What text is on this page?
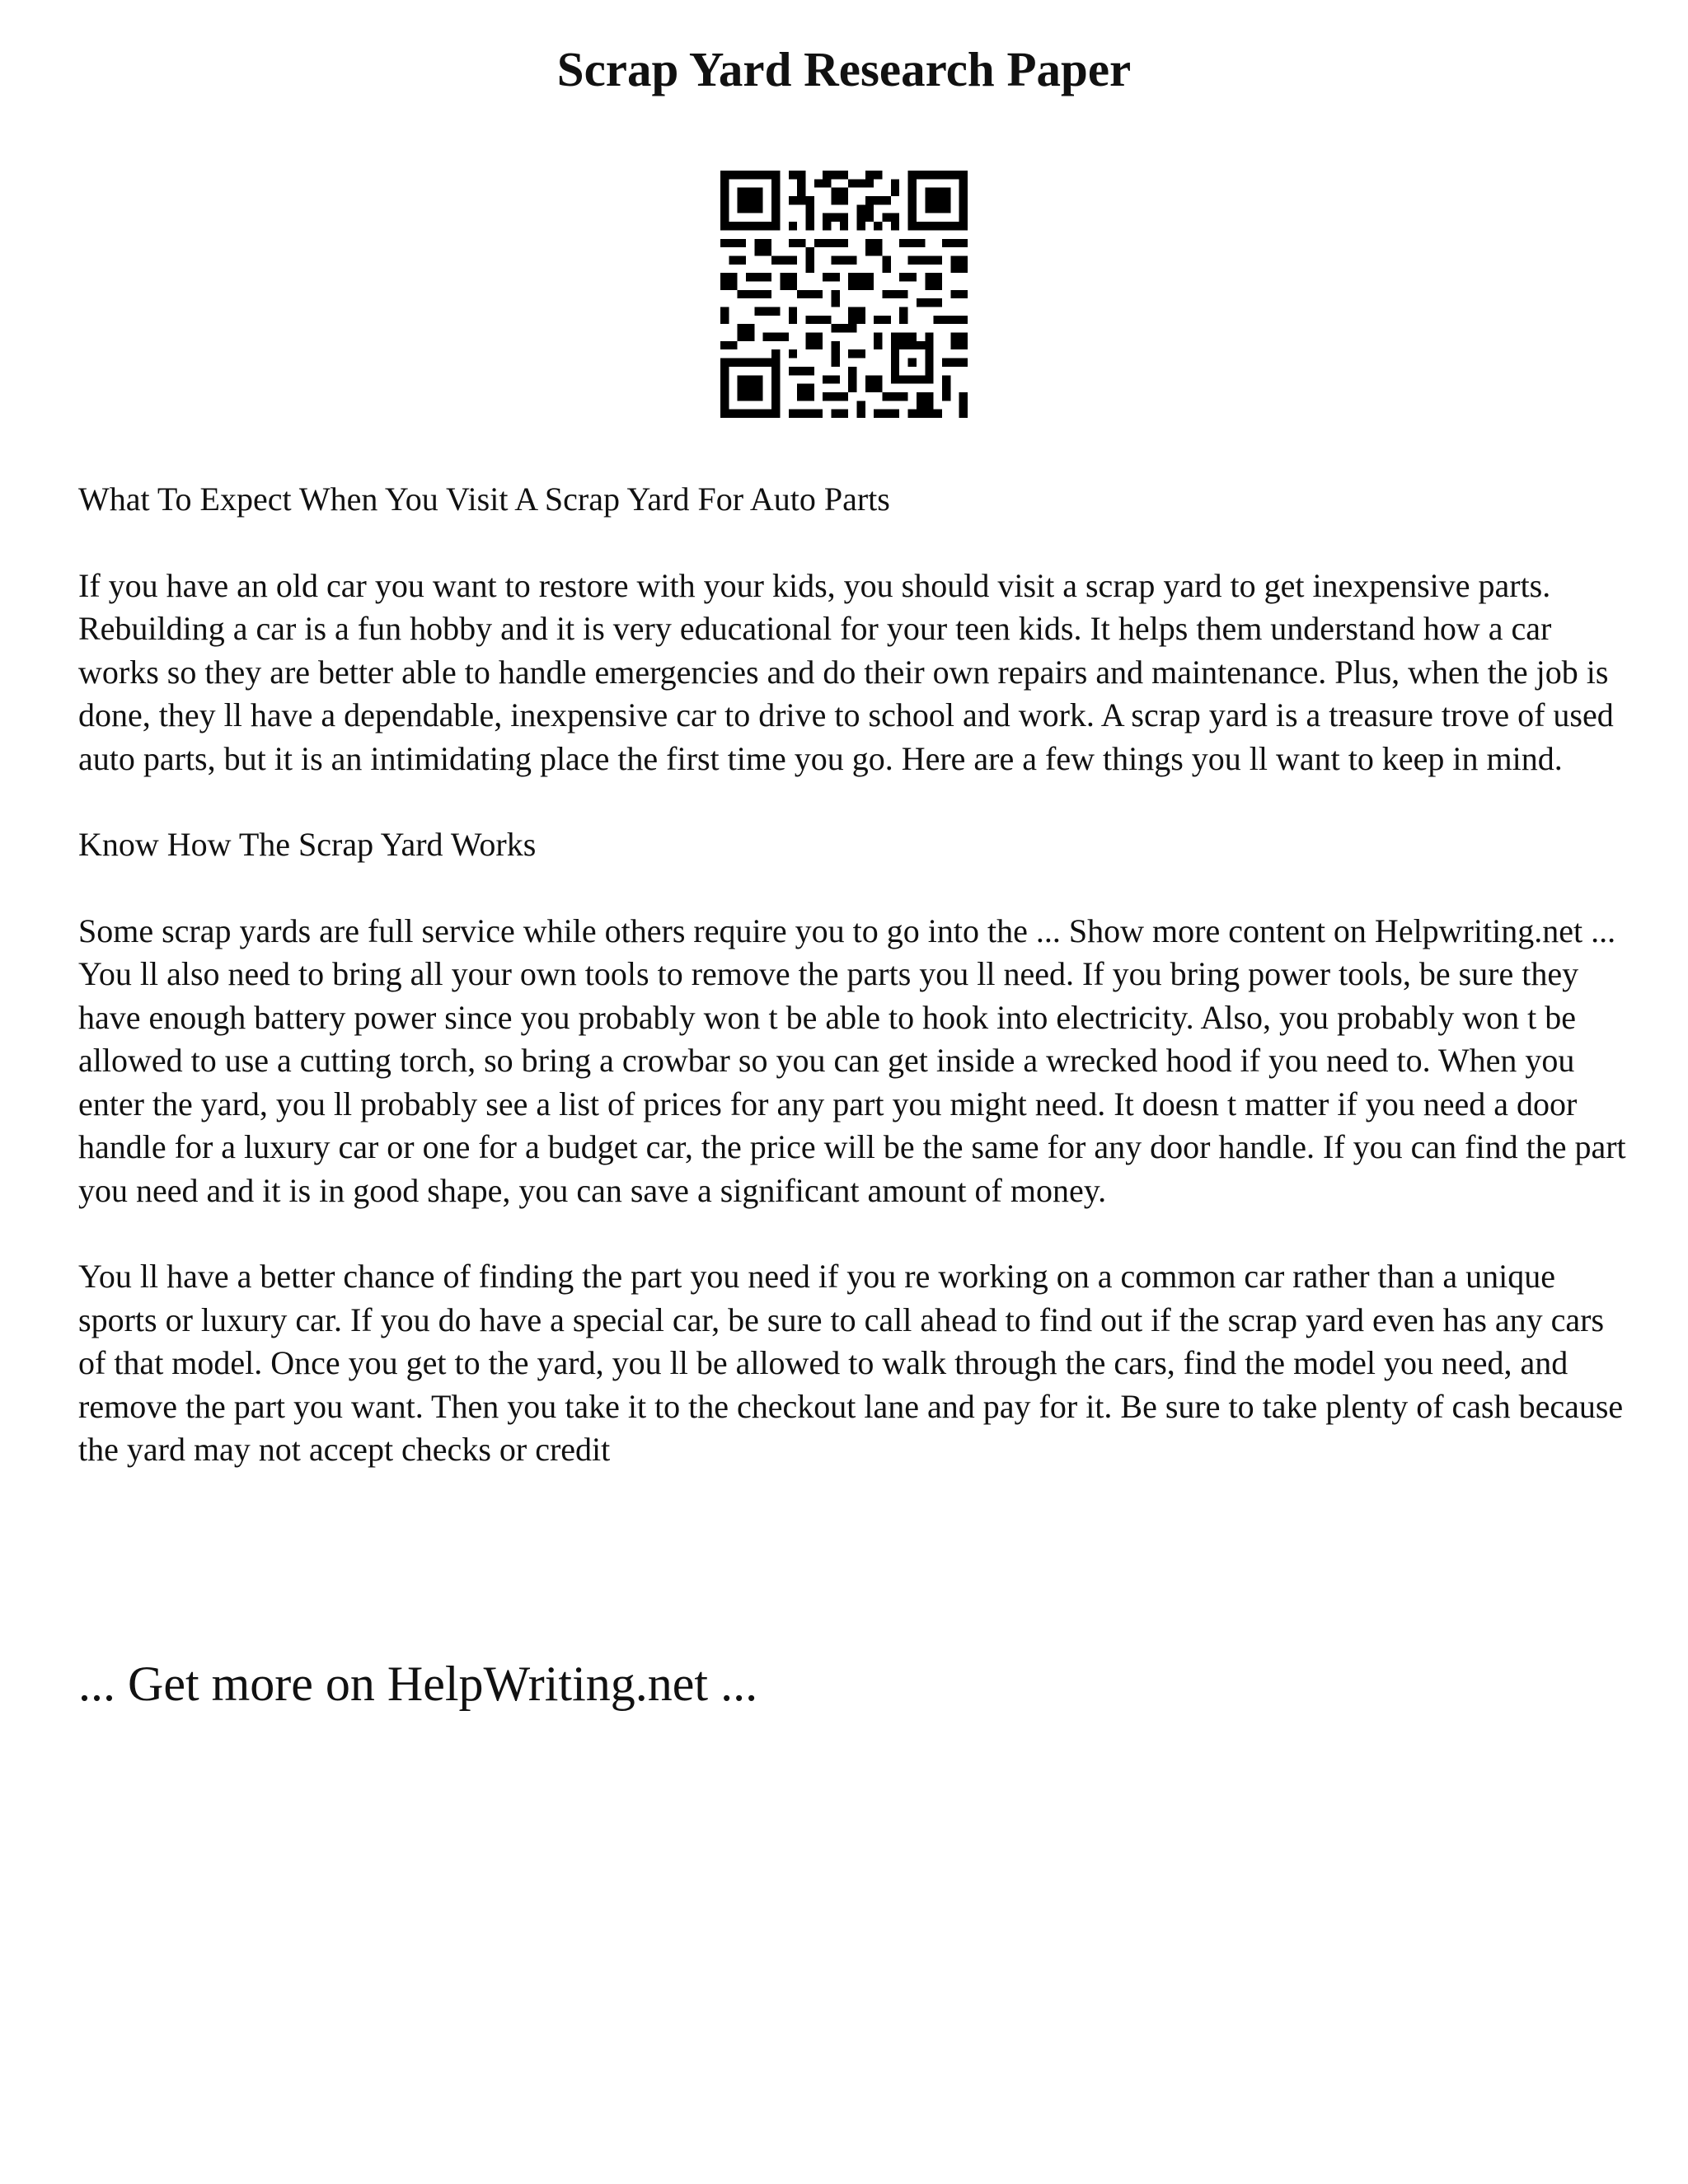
Scrap Yard Research Paper

What To Expect When You Visit A Scrap Yard For Auto Parts

If you have an old car you want to restore with your kids, you should visit a scrap yard to get inexpensive parts. Rebuilding a car is a fun hobby and it is very educational for your teen kids. It helps them understand how a car works so they are better able to handle emergencies and do their own repairs and maintenance. Plus, when the job is done, they ll have a dependable, inexpensive car to drive to school and work. A scrap yard is a treasure trove of used auto parts, but it is an intimidating place the first time you go. Here are a few things you ll want to keep in mind.

Know How The Scrap Yard Works

Some scrap yards are full service while others require you to go into the ... Show more content on Helpwriting.net ...

You ll also need to bring all your own tools to remove the parts you ll need. If you bring power tools, be sure they have enough battery power since you probably won t be able to hook into electricity. Also, you probably won t be allowed to use a cutting torch, so bring a crowbar so you can get inside a wrecked hood if you need to. When you enter the yard, you ll probably see a list of prices for any part you might need. It doesn t matter if you need a door handle for a luxury car or one for a budget car, the price will be the same for any door handle. If you can find the part you need and it is in good shape, you can save a significant amount of money.

You ll have a better chance of finding the part you need if you re working on a common car rather than a unique sports or luxury car. If you do have a special car, be sure to call ahead to find out if the scrap yard even has any cars of that model. Once you get to the yard, you ll be allowed to walk through the cars, find the model you need, and remove the part you want. Then you take it to the checkout lane and pay for it. Be sure to take plenty of cash because the yard may not accept checks or credit

... Get more on HelpWriting.net ...
